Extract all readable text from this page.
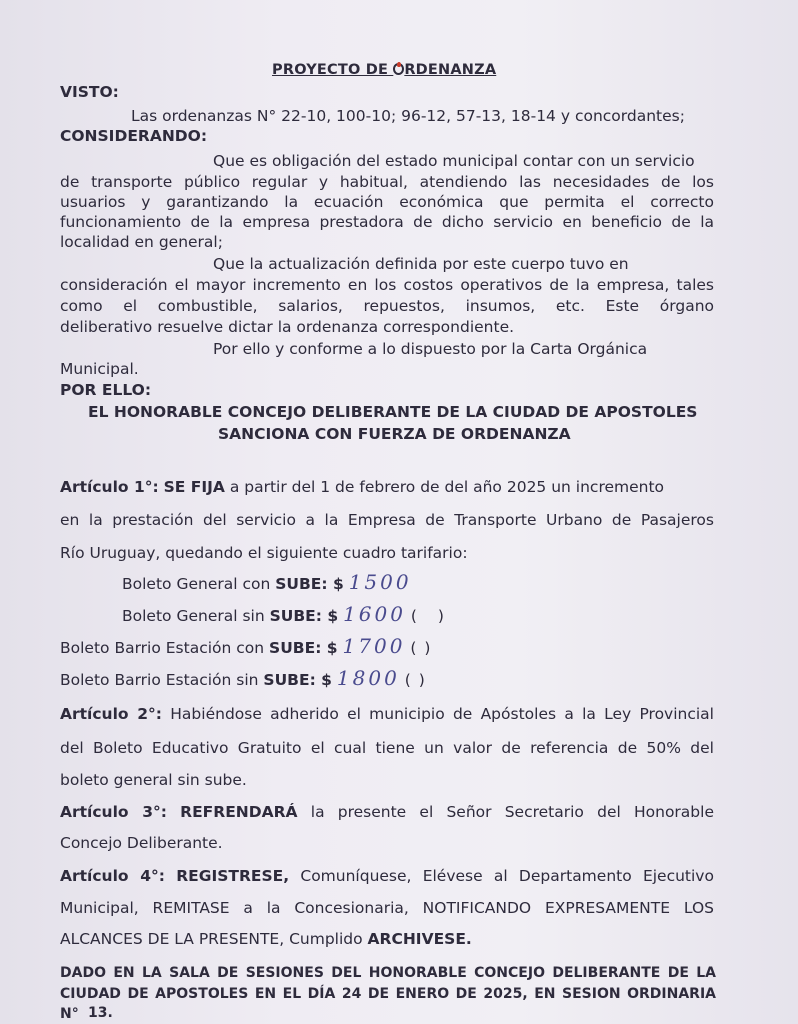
PROYECTO DE RDENANZA
VISTO:
Las ordenanzas N° 22-10, 100-10; 96-12, 57-13, 18-14 y concordantes;
CONSIDERANDO:
Que es obligación del estado municipal contar con un servicio
de transporte público regular y habitual, atendiendo las necesidades de los
usuarios y garantizando la ecuación económica que permita el correcto
funcionamiento de la empresa prestadora de dicho servicio en beneficio de la
localidad en general;
Que la actualización definida por este cuerpo tuvo en
consideración el mayor incremento en los costos operativos de la empresa, tales
como el combustible, salarios, repuestos, insumos, etc. Este órgano
deliberativo resuelve dictar la ordenanza correspondiente.
Por ello y conforme a lo dispuesto por la Carta Orgánica
Municipal.
POR ELLO:
EL HONORABLE CONCEJO DELIBERANTE DE LA CIUDAD DE APOSTOLES
SANCIONA CON FUERZA DE ORDENANZA
Artículo 1°: SE FIJA a partir del 1 de febrero de del año 2025 un incremento
en la prestación del servicio a la Empresa de Transporte Urbano de Pasajeros
Río Uruguay, quedando el siguiente cuadro tarifario:
Boleto General con SUBE: $ 1500
Boleto General sin SUBE: $ 1600 ( )
Boleto Barrio Estación con SUBE: $ 1700 ()
Boleto Barrio Estación sin SUBE: $ 1800 ()
Artículo 2°: Habiéndose adherido el municipio de Apóstoles a la Ley Provincial
del Boleto Educativo Gratuito el cual tiene un valor de referencia de 50% del
boleto general sin sube.
Artículo 3°: REFRENDARÁ la presente el Señor Secretario del Honorable
Concejo Deliberante.
Artículo 4°: REGISTRESE, Comuníquese, Elévese al Departamento Ejecutivo
Municipal, REMITASE a la Concesionaria, NOTIFICANDO EXPRESAMENTE LOS
ALCANCES DE LA PRESENTE, Cumplido ARCHIVESE.
DADO EN LA SALA DE SESIONES DEL HONORABLE CONCEJO DELIBERANTE DE LA
CIUDAD DE APOSTOLES EN EL DÍA 24 DE ENERO DE 2025, EN SESION ORDINARIA N° 13.
